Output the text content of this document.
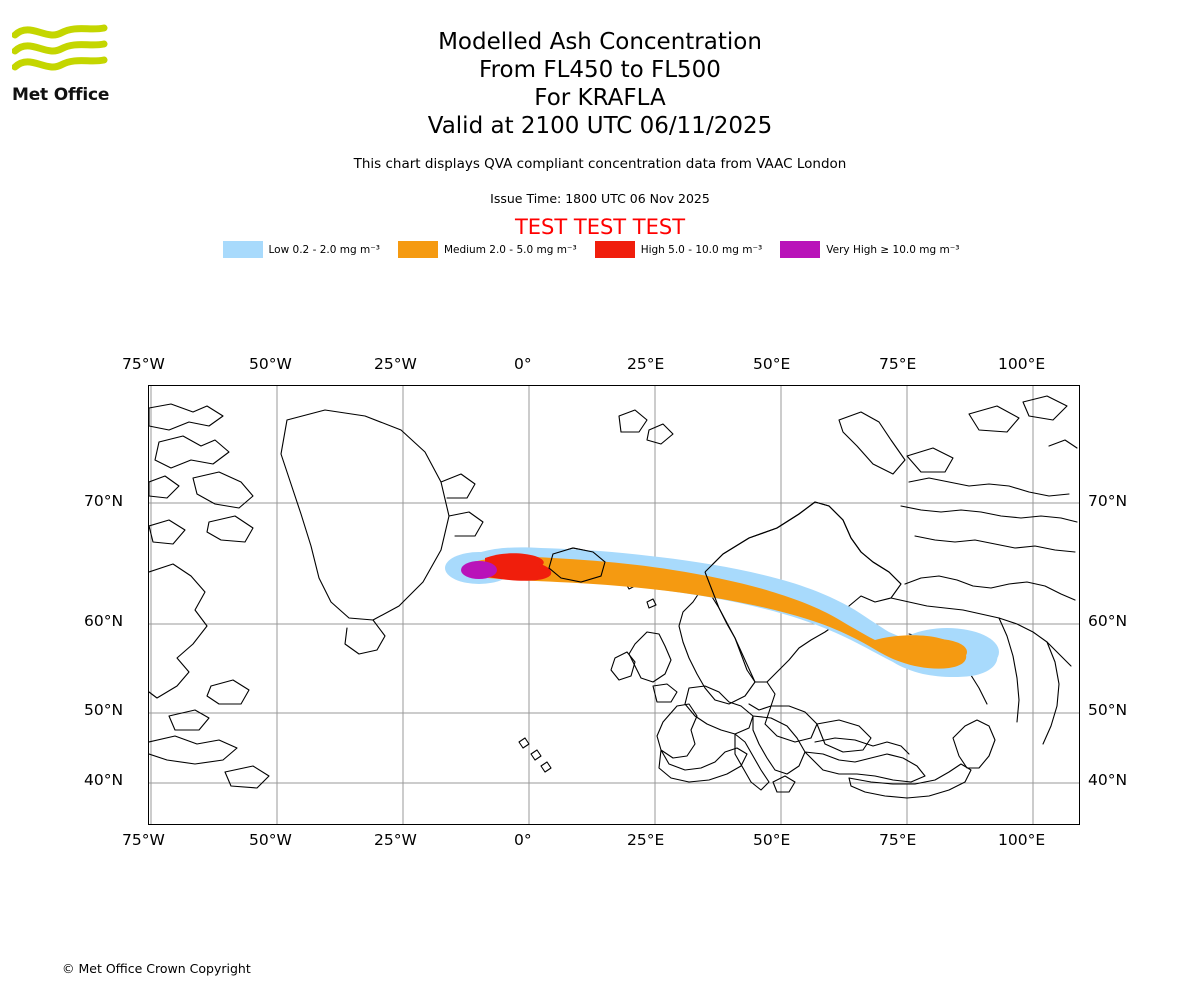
Met Office
Modelled Ash Concentration
From FL450 to FL500
For KRAFLA
Valid at 2100 UTC 06/11/2025
This chart displays QVA compliant concentration data from VAAC London
Issue Time: 1800 UTC 06 Nov 2025
TEST TEST TEST
Low 0.2 - 2.0 mg m⁻³	Medium 2.0 - 5.0 mg m⁻³	High 5.0 - 10.0 mg m⁻³	Very High ≥ 10.0 mg m⁻³
75°W	50°W	25°W	0°	25°E	50°E	75°E	100°E
75°W	50°W	25°W	0°	25°E	50°E	75°E	100°E
70°N
60°N
50°N
40°N
70°N
60°N
50°N
40°N
© Met Office Crown Copyright
